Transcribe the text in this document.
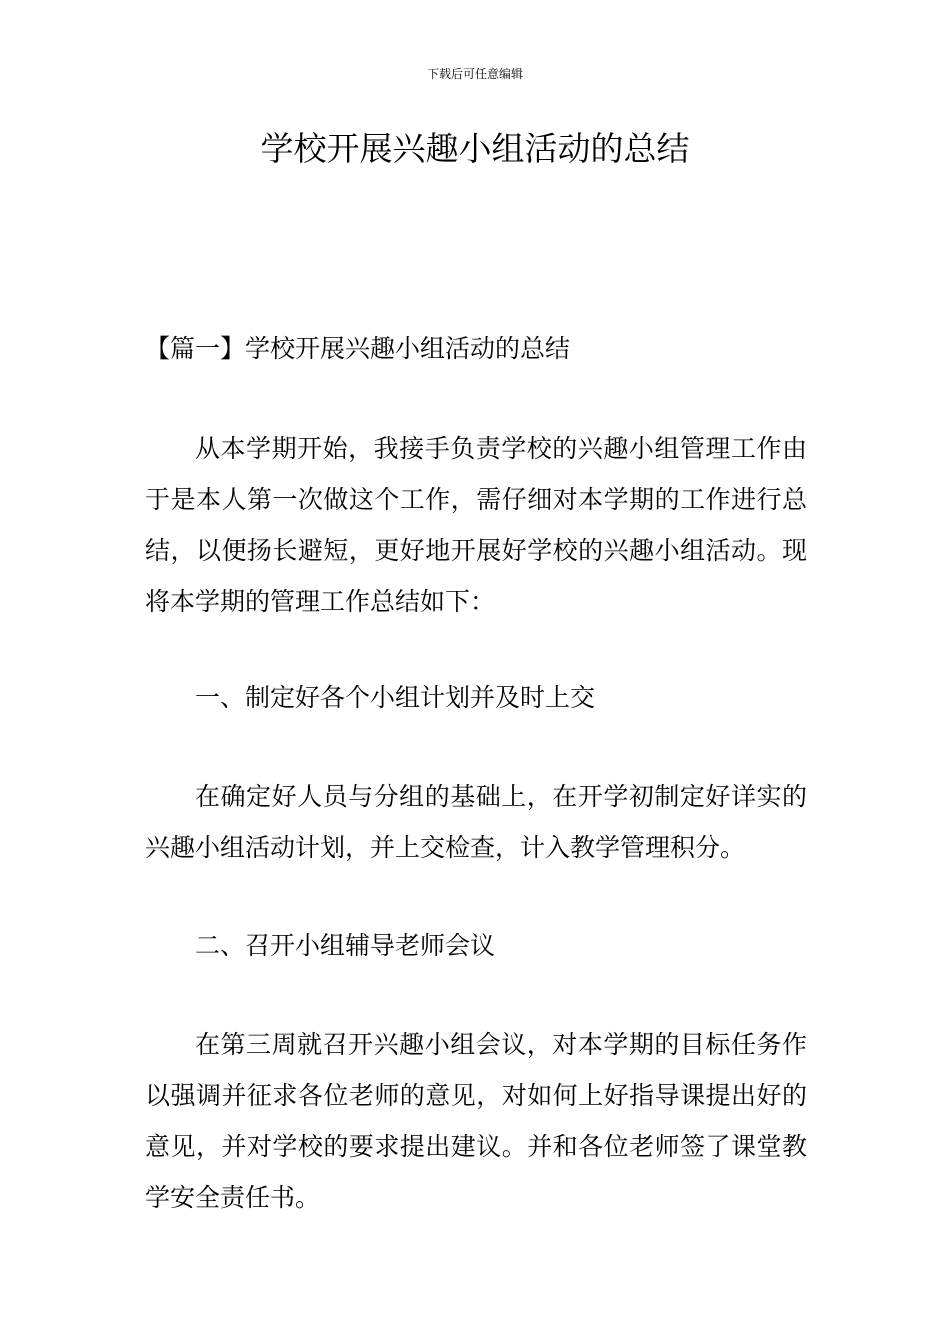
下载后可任意编辑
学校开展兴趣小组活动的总结

【篇一】学校开展兴趣小组活动的总结

从本学期开始，我接手负责学校的兴趣小组管理工作由于是本人第一次做这个工作，需仔细对本学期的工作进行总结，以便扬长避短，更好地开展好学校的兴趣小组活动。现将本学期的管理工作总结如下：

一、制定好各个小组计划并及时上交

在确定好人员与分组的基础上，在开学初制定好详实的兴趣小组活动计划，并上交检查，计入教学管理积分。

二、召开小组辅导老师会议

在第三周就召开兴趣小组会议，对本学期的目标任务作以强调并征求各位老师的意见，对如何上好指导课提出好的意见，并对学校的要求提出建议。并和各位老师签了课堂教学安全责任书。
